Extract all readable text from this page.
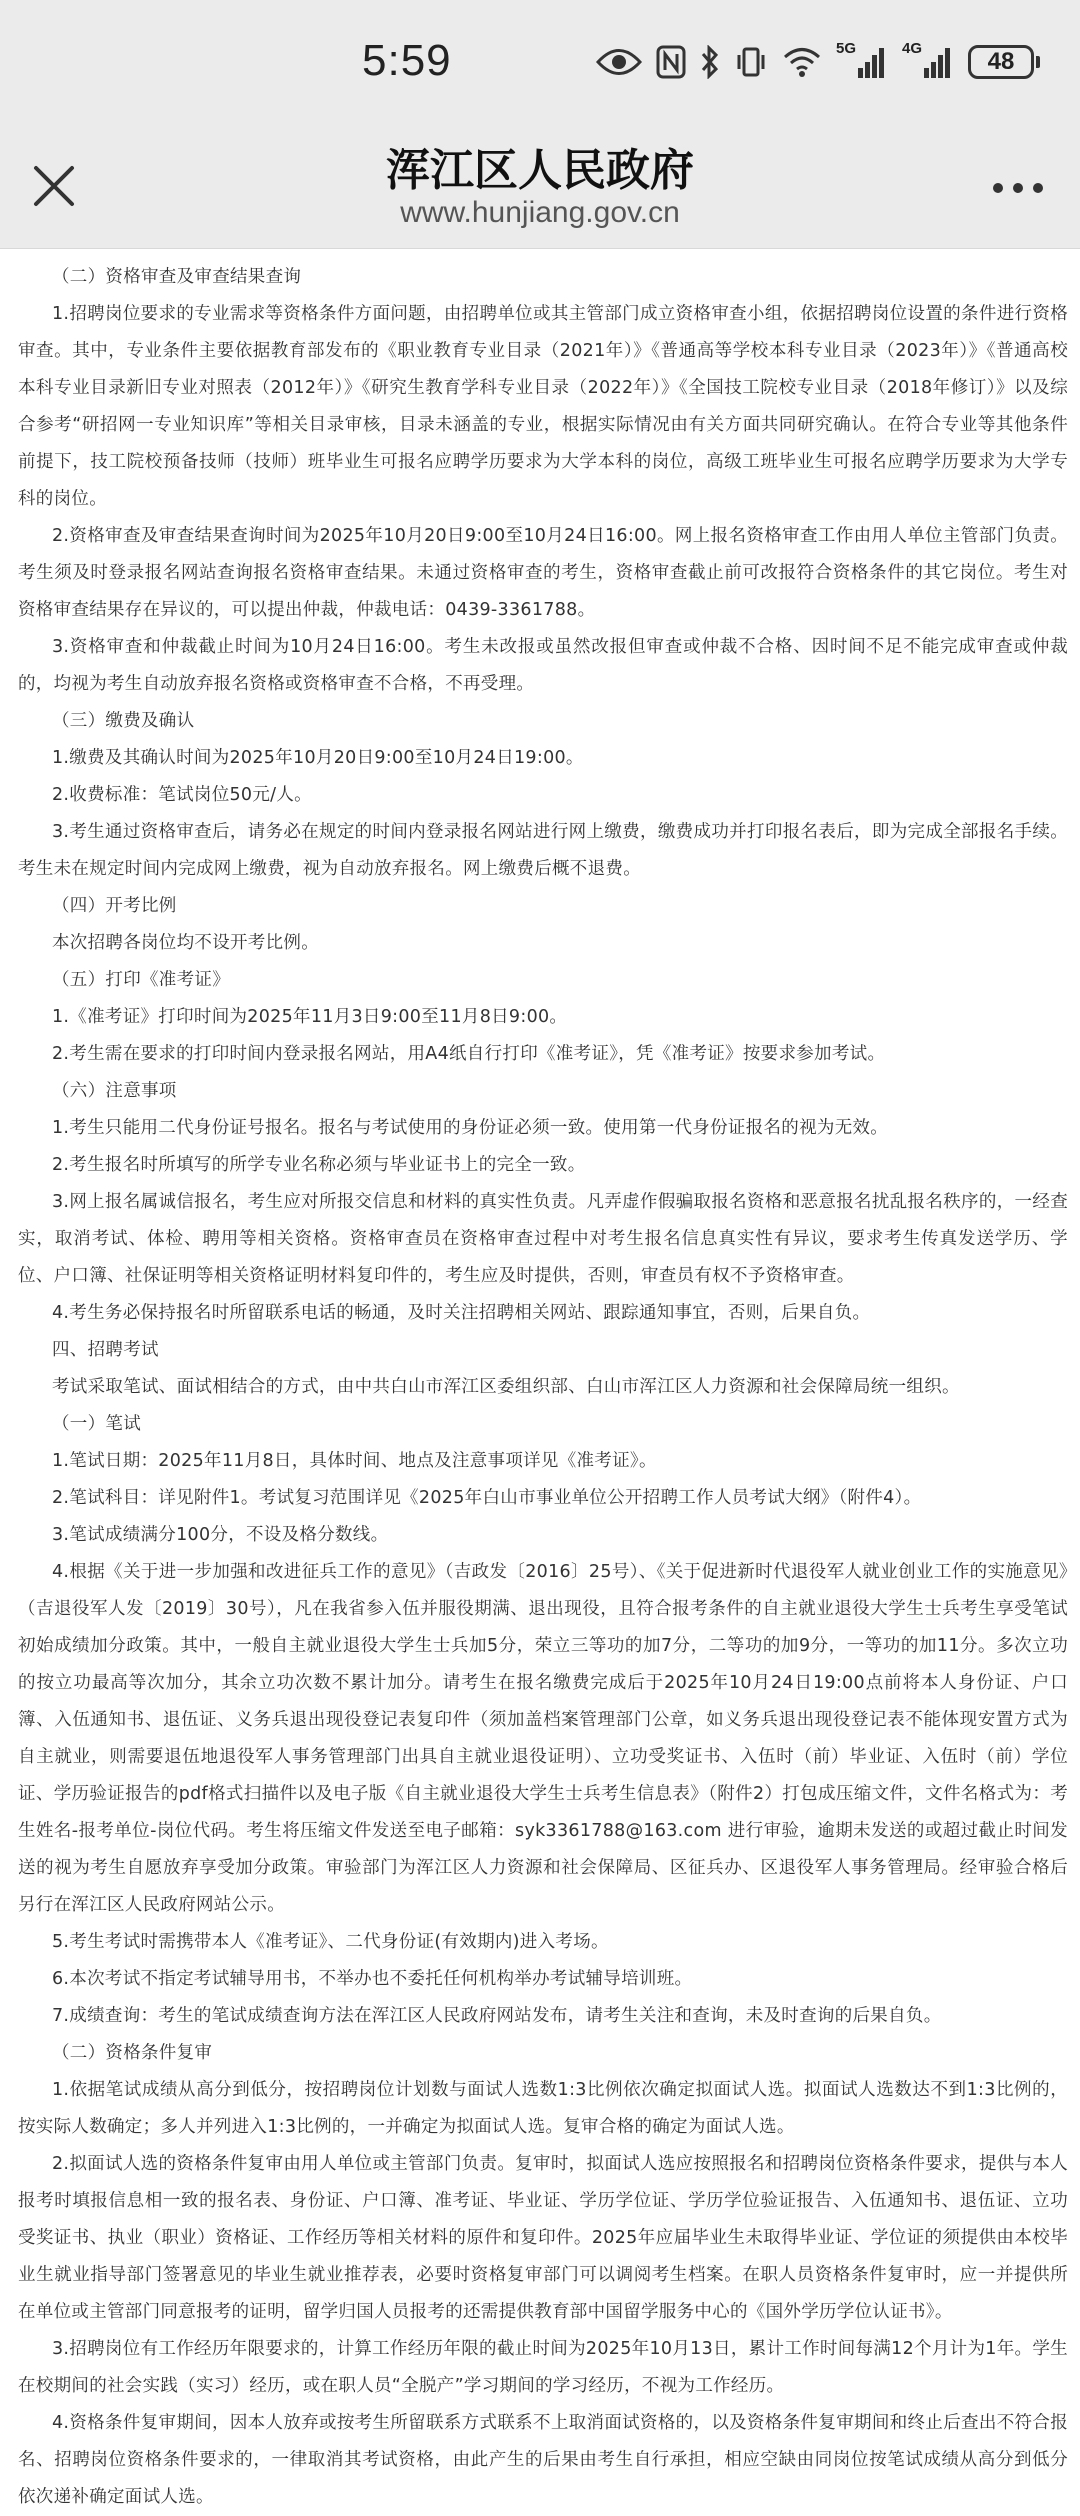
5:59	5G	4G	48
浑江区人民政府
www.hunjiang.gov.cn

（二）资格审查及审查结果查询

1.招聘岗位要求的专业需求等资格条件方面问题，由招聘单位或其主管部门成立资格审查小组，依据招聘岗位设置的条件进行资格审查。其中，专业条件主要依据教育部发布的《职业教育专业目录（2021年）》《普通高等学校本科专业目录（2023年）》《普通高校本科专业目录新旧专业对照表（2012年）》《研究生教育学科专业目录（2022年）》《全国技工院校专业目录（2018年修订）》以及综合参考“研招网一专业知识库”等相关目录审核，目录未涵盖的专业，根据实际情况由有关方面共同研究确认。在符合专业等其他条件前提下，技工院校预备技师（技师）班毕业生可报名应聘学历要求为大学本科的岗位，高级工班毕业生可报名应聘学历要求为大学专科的岗位。

2.资格审查及审查结果查询时间为2025年10月20日9:00至10月24日16:00。网上报名资格审查工作由用人单位主管部门负责。考生须及时登录报名网站查询报名资格审查结果。未通过资格审查的考生，资格审查截止前可改报符合资格条件的其它岗位。考生对资格审查结果存在异议的，可以提出仲裁，仲裁电话：0439-3361788。

3.资格审查和仲裁截止时间为10月24日16:00。考生未改报或虽然改报但审查或仲裁不合格、因时间不足不能完成审查或仲裁的，均视为考生自动放弃报名资格或资格审查不合格，不再受理。

（三）缴费及确认

1.缴费及其确认时间为2025年10月20日9:00至10月24日19:00。

2.收费标准：笔试岗位50元/人。

3.考生通过资格审查后，请务必在规定的时间内登录报名网站进行网上缴费，缴费成功并打印报名表后，即为完成全部报名手续。考生未在规定时间内完成网上缴费，视为自动放弃报名。网上缴费后概不退费。

（四）开考比例

本次招聘各岗位均不设开考比例。

（五）打印《准考证》

1.《准考证》打印时间为2025年11月3日9:00至11月8日9:00。

2.考生需在要求的打印时间内登录报名网站，用A4纸自行打印《准考证》，凭《准考证》按要求参加考试。

（六）注意事项

1.考生只能用二代身份证号报名。报名与考试使用的身份证必须一致。使用第一代身份证报名的视为无效。

2.考生报名时所填写的所学专业名称必须与毕业证书上的完全一致。

3.网上报名属诚信报名，考生应对所报交信息和材料的真实性负责。凡弄虚作假骗取报名资格和恶意报名扰乱报名秩序的，一经查实，取消考试、体检、聘用等相关资格。资格审查员在资格审查过程中对考生报名信息真实性有异议，要求考生传真发送学历、学位、户口簿、社保证明等相关资格证明材料复印件的，考生应及时提供，否则，审查员有权不予资格审查。

4.考生务必保持报名时所留联系电话的畅通，及时关注招聘相关网站、跟踪通知事宜，否则，后果自负。

四、招聘考试

考试采取笔试、面试相结合的方式，由中共白山市浑江区委组织部、白山市浑江区人力资源和社会保障局统一组织。

（一）笔试

1.笔试日期：2025年11月8日，具体时间、地点及注意事项详见《准考证》。

2.笔试科目：详见附件1。考试复习范围详见《2025年白山市事业单位公开招聘工作人员考试大纲》（附件4）。

3.笔试成绩满分100分，不设及格分数线。

4.根据《关于进一步加强和改进征兵工作的意见》（吉政发〔2016〕25号）、《关于促进新时代退役军人就业创业工作的实施意见》（吉退役军人发〔2019〕30号），凡在我省参入伍并服役期满、退出现役，且符合报考条件的自主就业退役大学生士兵考生享受笔试初始成绩加分政策。其中，一般自主就业退役大学生士兵加5分，荣立三等功的加7分，二等功的加9分，一等功的加11分。多次立功的按立功最高等次加分，其余立功次数不累计加分。请考生在报名缴费完成后于2025年10月24日19:00点前将本人身份证、户口簿、入伍通知书、退伍证、义务兵退出现役登记表复印件（须加盖档案管理部门公章，如义务兵退出现役登记表不能体现安置方式为自主就业，则需要退伍地退役军人事务管理部门出具自主就业退役证明）、立功受奖证书、入伍时（前）毕业证、入伍时（前）学位证、学历验证报告的pdf格式扫描件以及电子版《自主就业退役大学生士兵考生信息表》（附件2）打包成压缩文件，文件名格式为：考生姓名-报考单位-岗位代码。考生将压缩文件发送至电子邮箱：syk3361788@163.com 进行审验，逾期未发送的或超过截止时间发送的视为考生自愿放弃享受加分政策。审验部门为浑江区人力资源和社会保障局、区征兵办、区退役军人事务管理局。经审验合格后另行在浑江区人民政府网站公示。

5.考生考试时需携带本人《准考证》、二代身份证(有效期内)进入考场。

6.本次考试不指定考试辅导用书，不举办也不委托任何机构举办考试辅导培训班。

7.成绩查询：考生的笔试成绩查询方法在浑江区人民政府网站发布，请考生关注和查询，未及时查询的后果自负。

（二）资格条件复审

1.依据笔试成绩从高分到低分，按招聘岗位计划数与面试人选数1:3比例依次确定拟面试人选。拟面试人选数达不到1:3比例的，按实际人数确定；多人并列进入1:3比例的，一并确定为拟面试人选。复审合格的确定为面试人选。

2.拟面试人选的资格条件复审由用人单位或主管部门负责。复审时，拟面试人选应按照报名和招聘岗位资格条件要求，提供与本人报考时填报信息相一致的报名表、身份证、户口簿、准考证、毕业证、学历学位证、学历学位验证报告、入伍通知书、退伍证、立功受奖证书、执业（职业）资格证、工作经历等相关材料的原件和复印件。2025年应届毕业生未取得毕业证、学位证的须提供由本校毕业生就业指导部门签署意见的毕业生就业推荐表，必要时资格复审部门可以调阅考生档案。在职人员资格条件复审时，应一并提供所在单位或主管部门同意报考的证明，留学归国人员报考的还需提供教育部中国留学服务中心的《国外学历学位认证书》。

3.招聘岗位有工作经历年限要求的，计算工作经历年限的截止时间为2025年10月13日，累计工作时间每满12个月计为1年。学生在校期间的社会实践（实习）经历，或在职人员“全脱产”学习期间的学习经历，不视为工作经历。

4.资格条件复审期间，因本人放弃或按考生所留联系方式联系不上取消面试资格的，以及资格条件复审期间和终止后查出不符合报名、招聘岗位资格条件要求的，一律取消其考试资格，由此产生的后果由考生自行承担，相应空缺由同岗位按笔试成绩从高分到低分依次递补确定面试人选。
